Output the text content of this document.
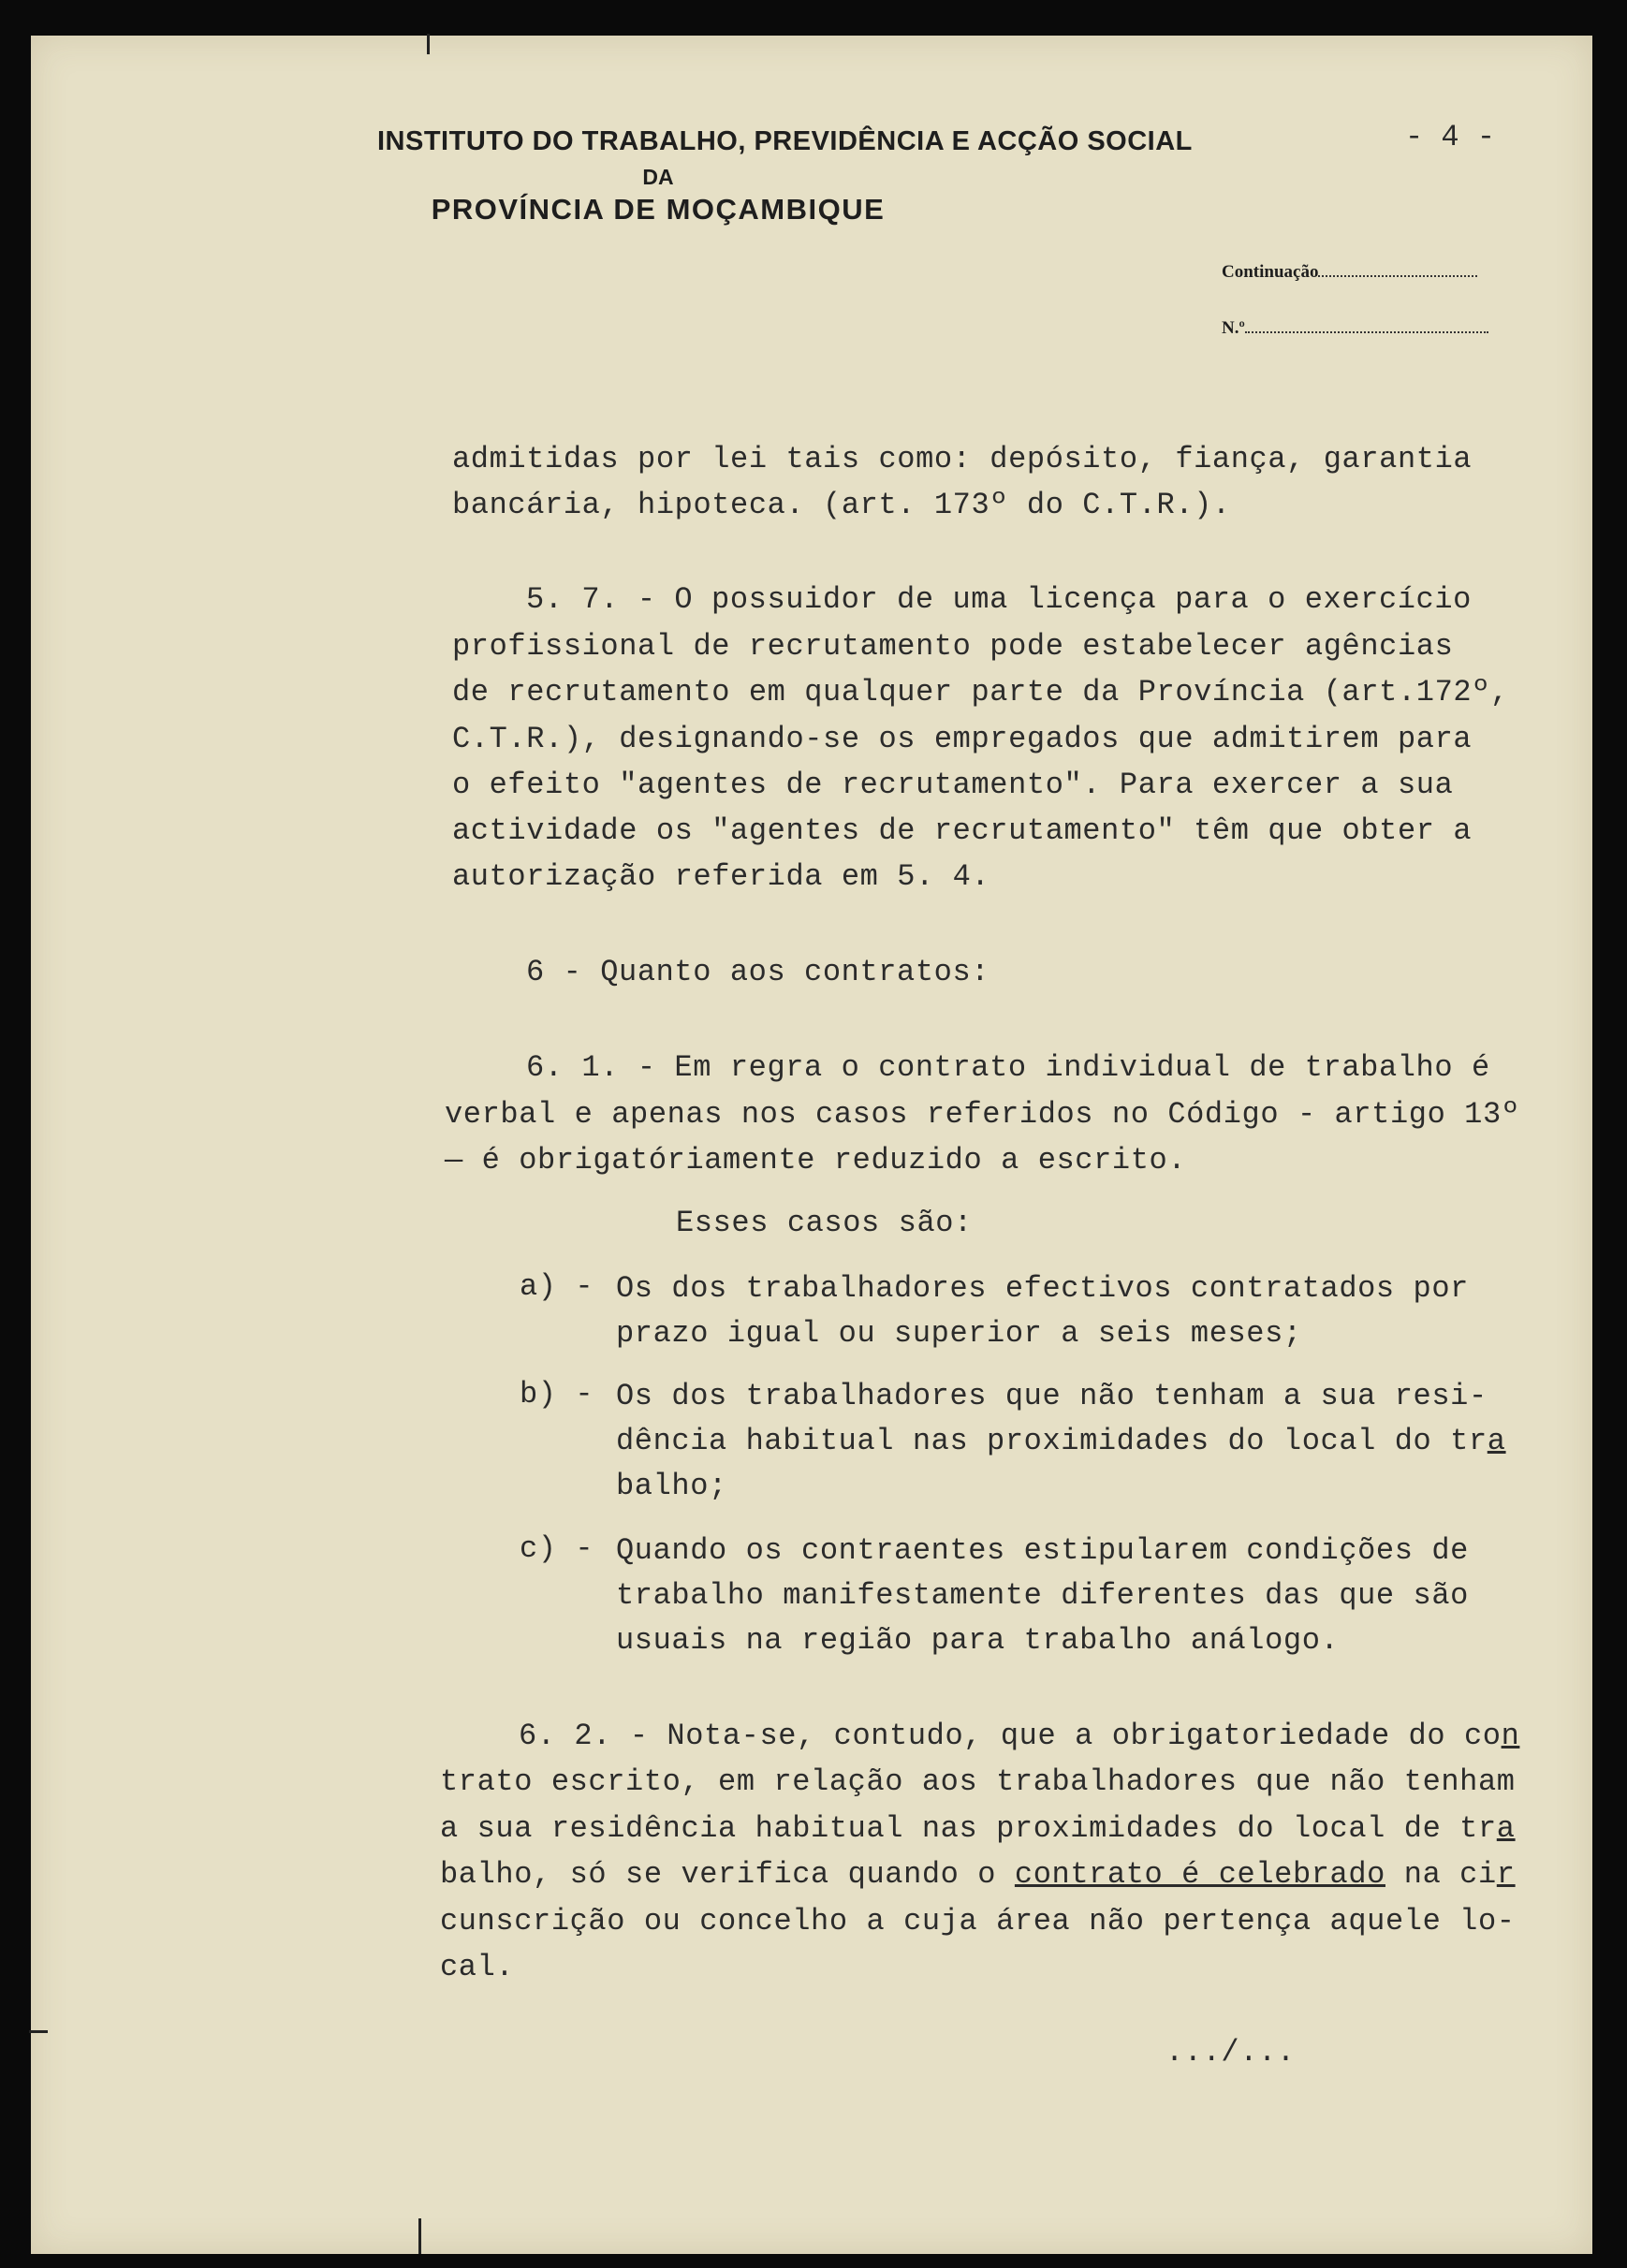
INSTITUTO DO TRABALHO, PREVIDÊNCIA E ACÇÃO SOCIAL
DA
PROVÍNCIA DE MOÇAMBIQUE
- 4 -
Continuação
N.º
admitidas por lei tais como: depósito, fiança, garantia
bancária, hipoteca. (art. 173º do C.T.R.).
5. 7. - O possuidor de uma licença para o exercício
profissional de recrutamento pode estabelecer agências
de recrutamento em qualquer parte da Província (art.172º,
C.T.R.), designando-se os empregados que admitirem para
o efeito "agentes de recrutamento". Para exercer a sua
actividade os "agentes de recrutamento" têm que obter a
autorização referida em 5. 4.
6 - Quanto aos contratos:
6. 1. - Em regra o contrato individual de trabalho é
verbal e apenas nos casos referidos no Código - artigo 13º
— é obrigatóriamente reduzido a escrito.
Esses casos são:
a) - Os dos trabalhadores efectivos contratados por
prazo igual ou superior a seis meses;
b) - Os dos trabalhadores que não tenham a sua resi-
dência habitual nas proximidades do local do tra
balho;
c) - Quando os contraentes estipularem condições de
trabalho manifestamente diferentes das que são
usuais na região para trabalho análogo.
6. 2. - Nota-se, contudo, que a obrigatoriedade do con
trato escrito, em relação aos trabalhadores que não tenham
a sua residência habitual nas proximidades do local de tra
balho, só se verifica quando o contrato é celebrado na cir
cunscrição ou concelho a cuja área não pertença aquele lo-
cal.
.../...
